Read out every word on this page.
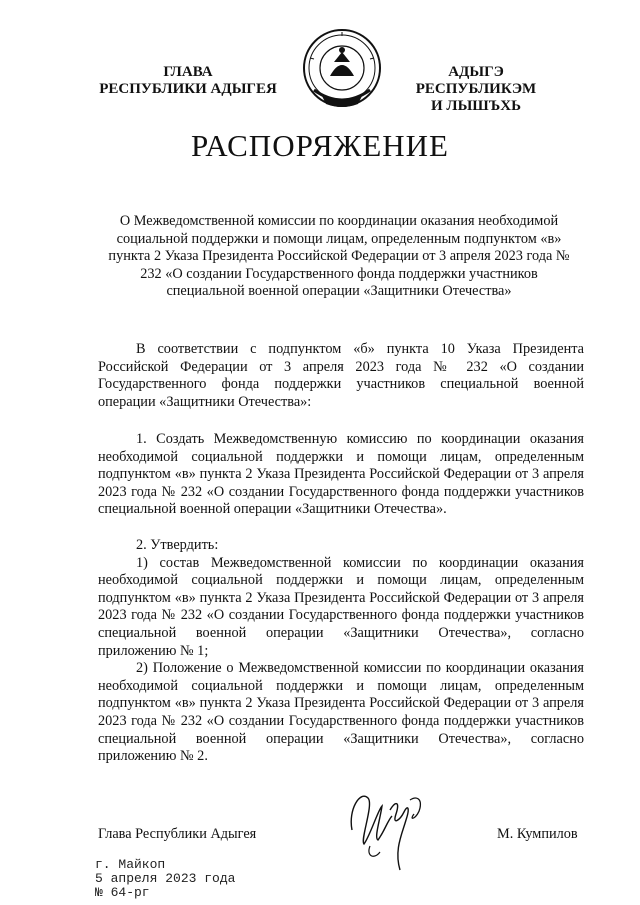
ГЛАВА
РЕСПУБЛИКИ АДЫГЕЯ
АДЫГЭ РЕСПУБЛИКЭМ
И ЛЫШЪХЬ
РАСПОРЯЖЕНИЕ
О Межведомственной комиссии по координации оказания необходимой социальной поддержки и помощи лицам, определенным подпунктом «в» пункта 2 Указа Президента Российской Федерации от 3 апреля 2023 года № 232 «О создании Государственного фонда поддержки участников специальной военной операции «Защитники Отечества»

В соответствии с подпунктом «б» пункта 10 Указа Президента Российской Федерации от 3 апреля 2023 года № 232 «О создании Государственного фонда поддержки участников специальной военной операции «Защитники Отечества»:

1. Создать Межведомственную комиссию по координации оказания необходимой социальной поддержки и помощи лицам, определенным подпунктом «в» пункта 2 Указа Президента Российской Федерации от 3 апреля 2023 года № 232 «О создании Государственного фонда поддержки участников специальной военной операции «Защитники Отечества».

2. Утвердить:

1) состав Межведомственной комиссии по координации оказания необходимой социальной поддержки и помощи лицам, определенным подпунктом «в» пункта 2 Указа Президента Российской Федерации от 3 апреля 2023 года № 232 «О создании Государственного фонда поддержки участников специальной военной операции «Защитники Отечества», согласно приложению № 1;

2) Положение о Межведомственной комиссии по координации оказания необходимой социальной поддержки и помощи лицам, определенным подпунктом «в» пункта 2 Указа Президента Российской Федерации от 3 апреля 2023 года № 232 «О создании Государственного фонда поддержки участников специальной военной операции «Защитники Отечества», согласно приложению № 2.

Глава Республики Адыгея	М. Кумпилов
г. Майкоп
5 апреля 2023 года
№ 64-рг
